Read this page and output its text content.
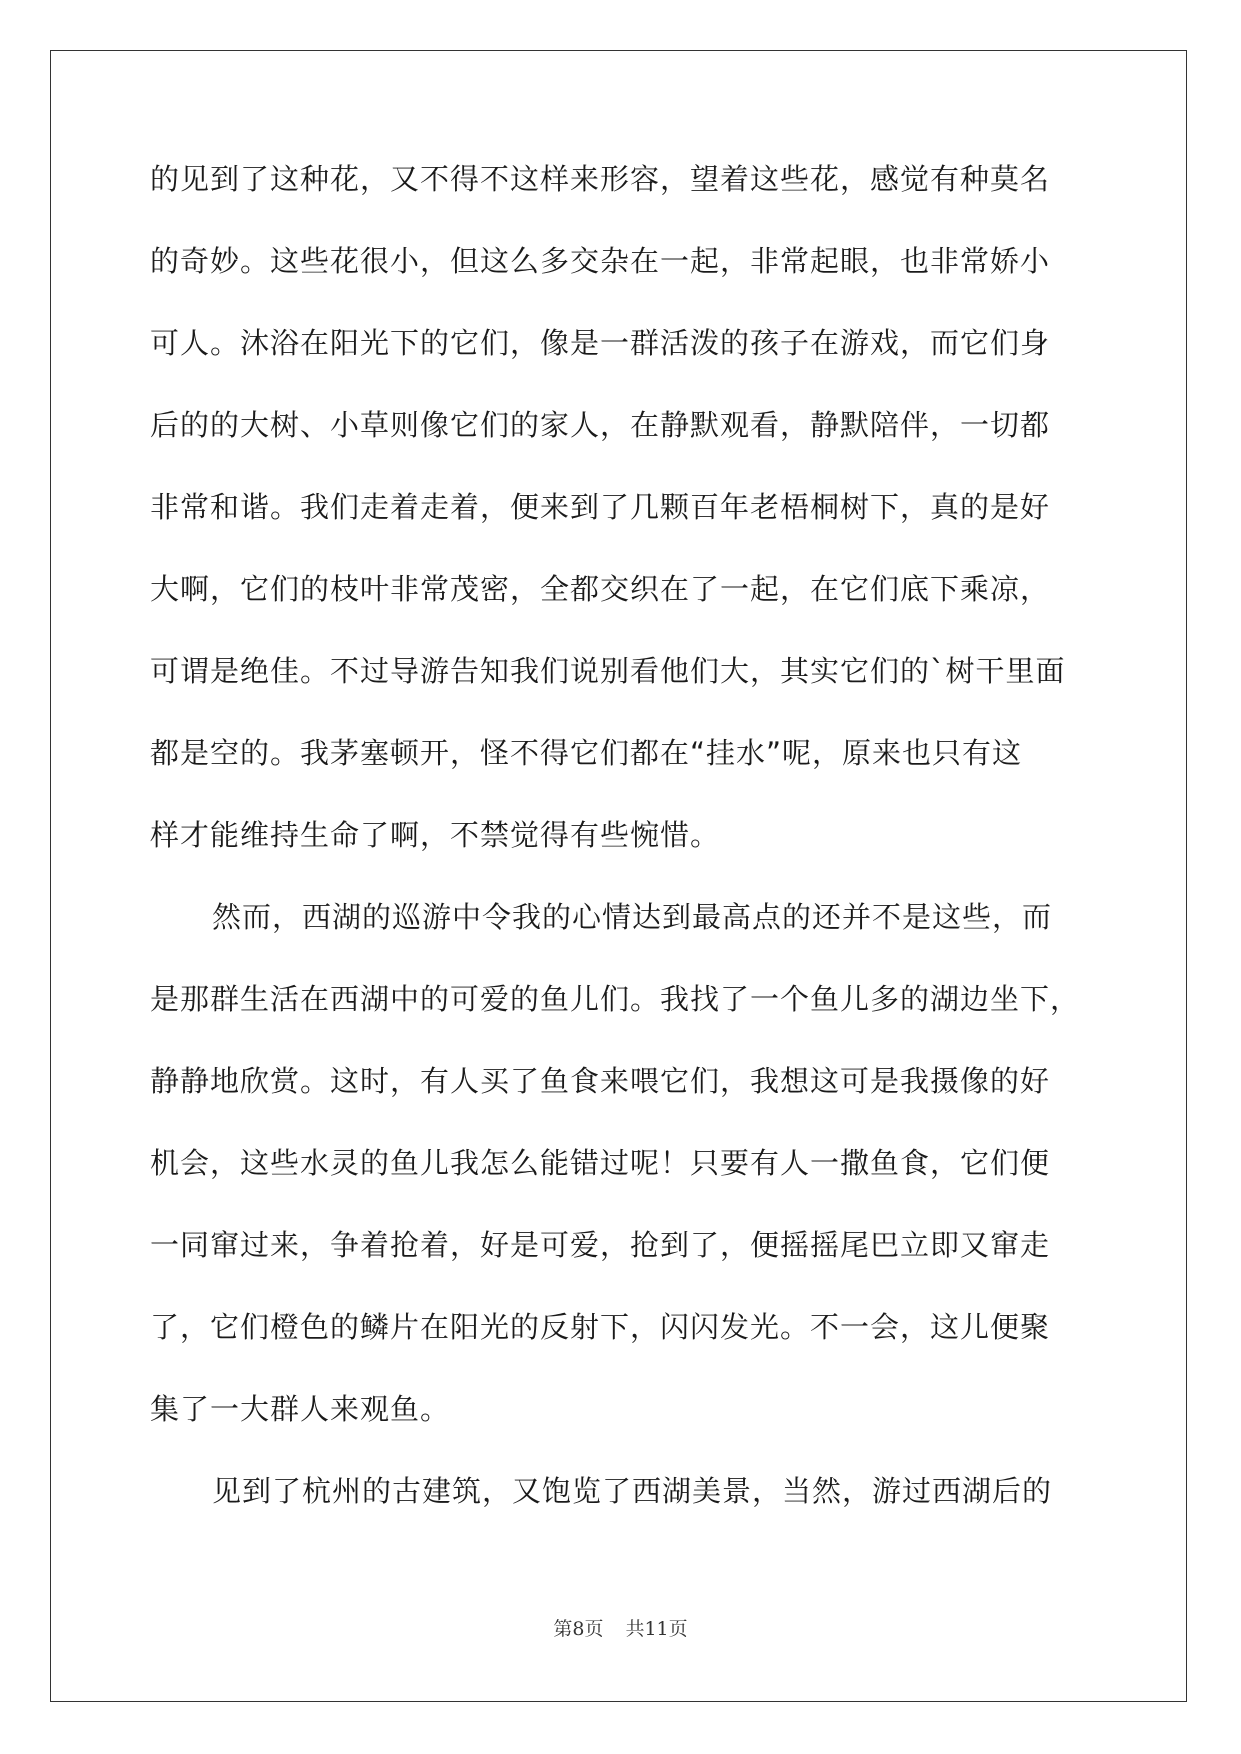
的见到了这种花，又不得不这样来形容，望着这些花，感觉有种莫名
的奇妙。这些花很小，但这么多交杂在一起，非常起眼，也非常娇小
可人。沐浴在阳光下的它们，像是一群活泼的孩子在游戏，而它们身
后的的大树、小草则像它们的家人，在静默观看，静默陪伴，一切都
非常和谐。我们走着走着，便来到了几颗百年老梧桐树下，真的是好
大啊，它们的枝叶非常茂密，全都交织在了一起，在它们底下乘凉，
可谓是绝佳。不过导游告知我们说别看他们大，其实它们的`树干里面
都是空的。我茅塞顿开，怪不得它们都在“挂水”呢，原来也只有这
样才能维持生命了啊，不禁觉得有些惋惜。
然而，西湖的巡游中令我的心情达到最高点的还并不是这些，而
是那群生活在西湖中的可爱的鱼儿们。我找了一个鱼儿多的湖边坐下，
静静地欣赏。这时，有人买了鱼食来喂它们，我想这可是我摄像的好
机会，这些水灵的鱼儿我怎么能错过呢！只要有人一撒鱼食，它们便
一同窜过来，争着抢着，好是可爱，抢到了，便摇摇尾巴立即又窜走
了，它们橙色的鳞片在阳光的反射下，闪闪发光。不一会，这儿便聚
集了一大群人来观鱼。
见到了杭州的古建筑，又饱览了西湖美景，当然，游过西湖后的
第8页 共11页
